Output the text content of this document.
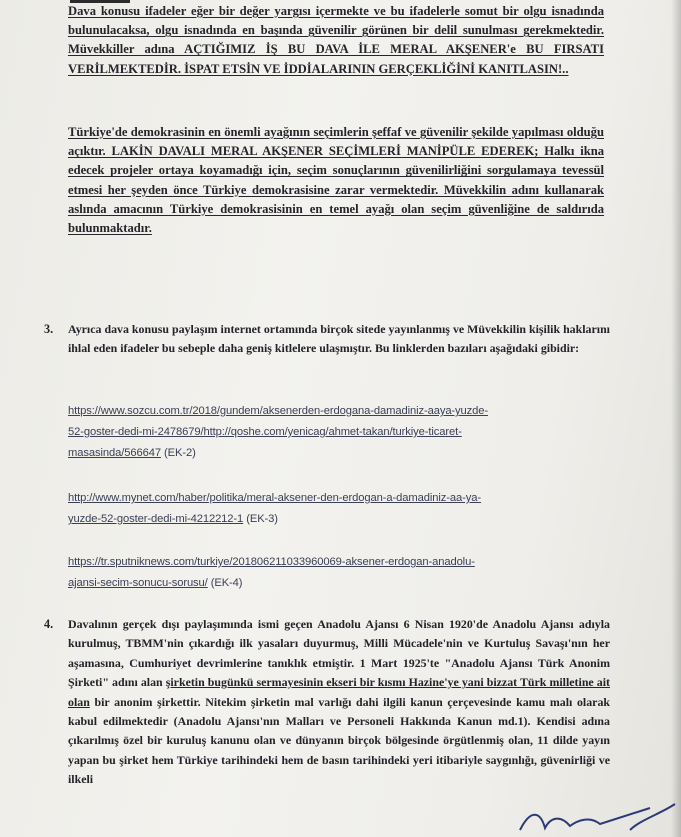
Dava konusu ifadeler eğer bir değer yargısı içermekte ve bu ifadelerle somut bir olgu isnadında bulunulacaksa, olgu isnadında en başında güvenilir görünen bir delil sunulması gerekmektedir. Müvekkiller adına AÇTIĞIMIZ İŞ BU DAVA İLE MERAL AKŞENER'e BU FIRSATI VERİLMEKTEDİR. İSPAT ETSİN VE İDDİALARININ GERÇEKLİĞİNİ KANITLASIN!..

Türkiye'de demokrasinin en önemli ayağının seçimlerin şeffaf ve güvenilir şekilde yapılması olduğu açıktır. LAKİN DAVALI MERAL AKŞENER SEÇİMLERİ MANİPÜLE EDEREK; Halkı ikna edecek projeler ortaya koyamadığı için, seçim sonuçlarının güvenilirliğini sorgulamaya tevessül etmesi her şeyden önce Türkiye demokrasisine zarar vermektedir. Müvekkilin adını kullanarak aslında amacının Türkiye demokrasisinin en temel ayağı olan seçim güvenliğine de saldırıda bulunmaktadır.

3. Ayrıca dava konusu paylaşım internet ortamında birçok sitede yayınlanmış ve Müvekkilin kişilik haklarını ihlal eden ifadeler bu sebeple daha geniş kitlelere ulaşmıştır. Bu linklerden bazıları aşağıdaki gibidir:

https://www.sozcu.com.tr/2018/gundem/aksenerden-erdogana-damadiniz-aaya-yuzde-
52-goster-dedi-mi-2478679/http://qoshe.com/yenicag/ahmet-takan/turkiye-ticaret-
masasinda/566647 (EK-2)
http://www.mynet.com/haber/politika/meral-aksener-den-erdogan-a-damadiniz-aa-ya-
yuzde-52-goster-dedi-mi-4212212-1 (EK-3)
https://tr.sputniknews.com/turkiye/201806211033960069-aksener-erdogan-anadolu-
ajansi-secim-sonucu-sorusu/ (EK-4)
4. Davalının gerçek dışı paylaşımında ismi geçen Anadolu Ajansı 6 Nisan 1920'de Anadolu Ajansı adıyla kurulmuş, TBMM'nin çıkardığı ilk yasaları duyurmuş, Milli Mücadele'nin ve Kurtuluş Savaşı'nın her aşamasına, Cumhuriyet devrimlerine tanıklık etmiştir. 1 Mart 1925'te "Anadolu Ajansı Türk Anonim Şirketi" adını alan şirketin bugünkü sermayesinin ekseri bir kısmı Hazine'ye yani bizzat Türk milletine ait olan bir anonim şirkettir. Nitekim şirketin mal varlığı dahi ilgili kanun çerçevesinde kamu malı olarak kabul edilmektedir (Anadolu Ajansı'nın Malları ve Personeli Hakkında Kanun md.1). Kendisi adına çıkarılmış özel bir kuruluş kanunu olan ve dünyanın birçok bölgesinde örgütlenmiş olan, 11 dilde yayın yapan bu şirket hem Türkiye tarihindeki hem de basın tarihindeki yeri itibariyle saygınlığı, güvenirliği ve ilkeli
